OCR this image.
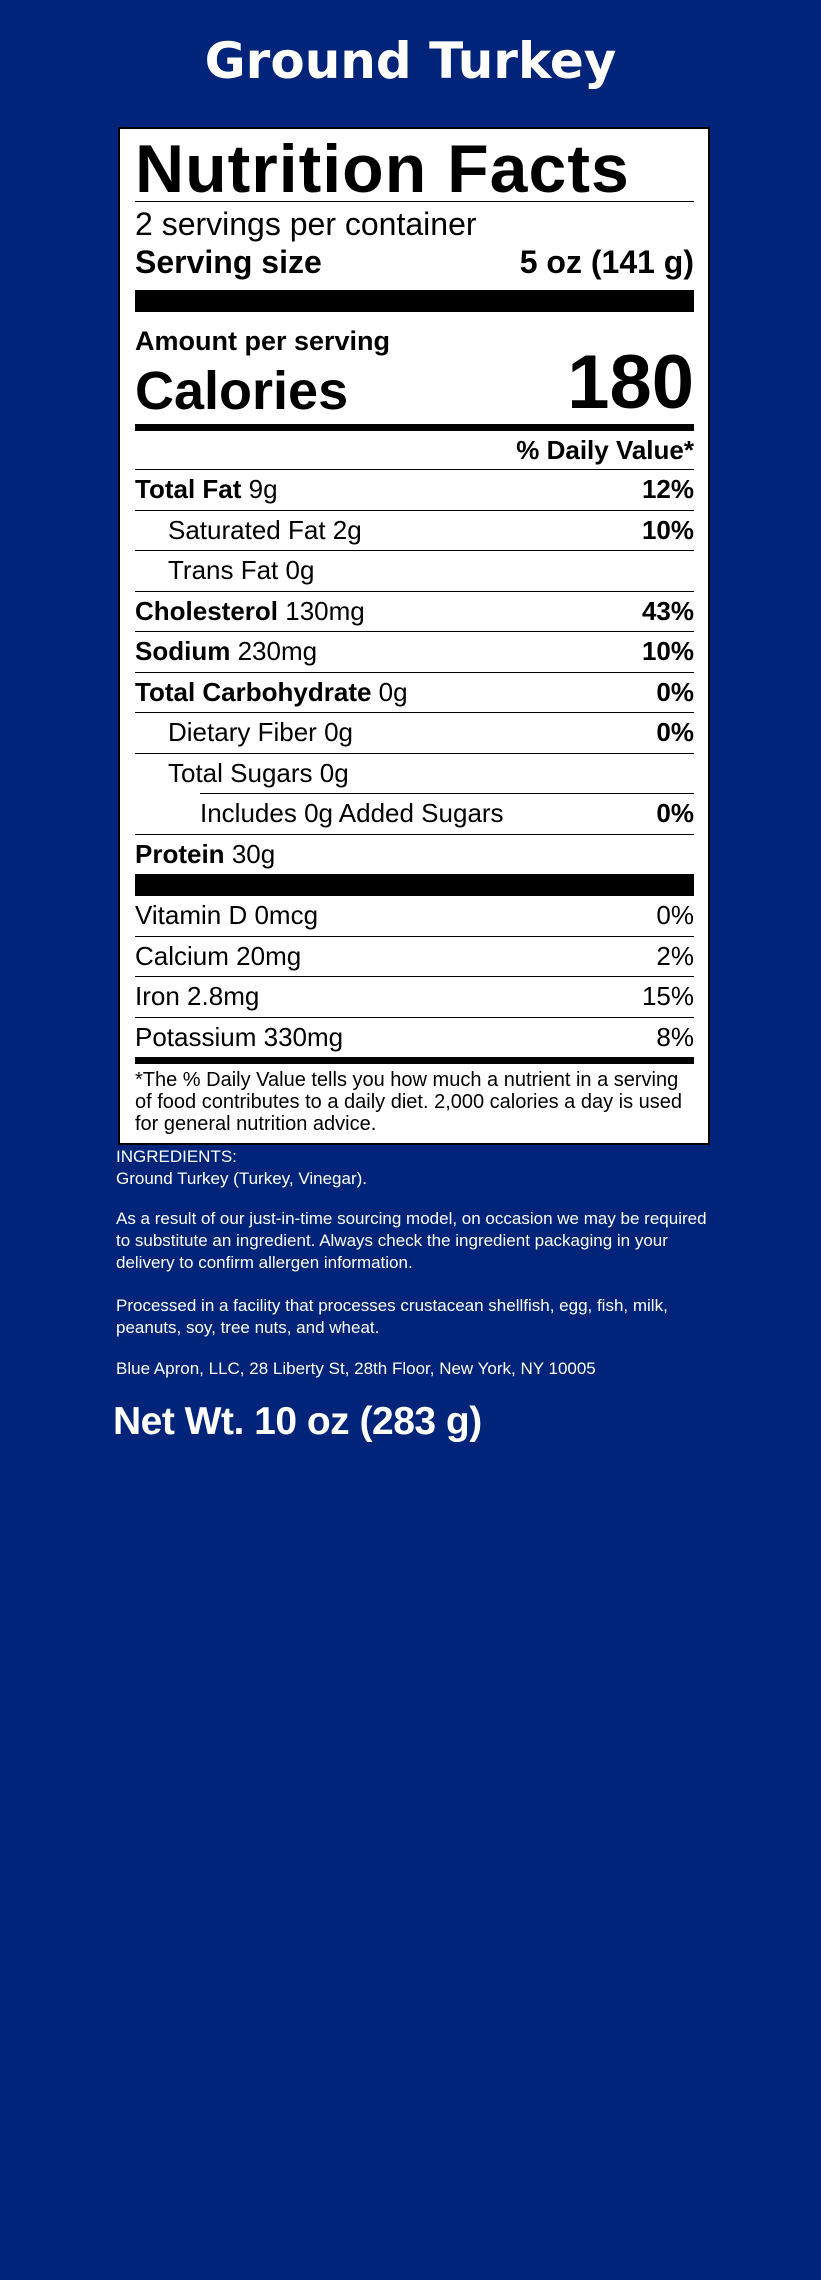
Ground Turkey
Nutrition Facts
2 servings per container
Serving size	5 oz (141 g)
Amount per serving
Calories	180
% Daily Value*
Total Fat 9g	12%
Saturated Fat 2g	10%
Trans Fat 0g
Cholesterol 130mg	43%
Sodium 230mg	10%
Total Carbohydrate 0g	0%
Dietary Fiber 0g	0%
Total Sugars 0g
Includes 0g Added Sugars	0%
Protein 30g
Vitamin D 0mcg	0%
Calcium 20mg	2%
Iron 2.8mg	15%
Potassium 330mg	8%
*The % Daily Value tells you how much a nutrient in a serving of food contributes to a daily diet. 2,000 calories a day is used for general nutrition advice.
INGREDIENTS:
Ground Turkey (Turkey, Vinegar).
As a result of our just-in-time sourcing model, on occasion we may be required to substitute an ingredient. Always check the ingredient packaging in your delivery to confirm allergen information.
Processed in a facility that processes crustacean shellfish, egg, fish, milk, peanuts, soy, tree nuts, and wheat.
Blue Apron, LLC, 28 Liberty St, 28th Floor, New York, NY 10005
Net Wt. 10 oz (283 g)
